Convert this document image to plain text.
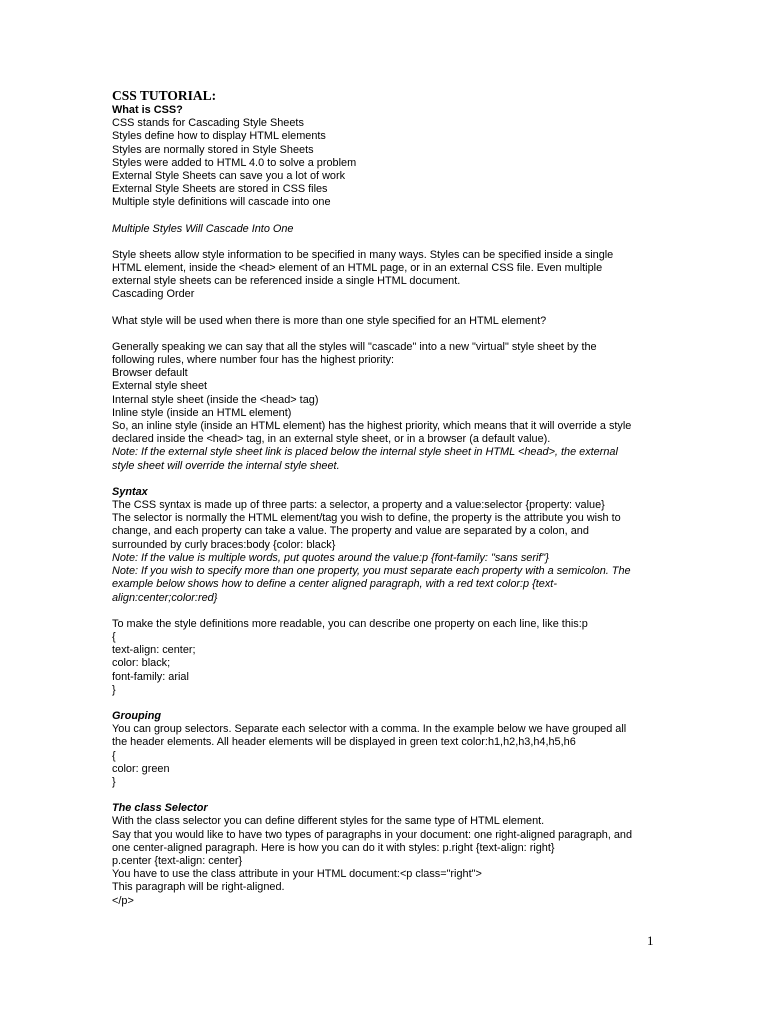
CSS TUTORIAL:
What is CSS?
CSS stands for Cascading Style Sheets
Styles define how to display HTML elements
Styles are normally stored in Style Sheets
Styles were added to HTML 4.0 to solve a problem
External Style Sheets can save you a lot of work
External Style Sheets are stored in CSS files
Multiple style definitions will cascade into one
Multiple Styles Will Cascade Into One
Style sheets allow style information to be specified in many ways. Styles can be specified inside a single
HTML element, inside the <head> element of an HTML page, or in an external CSS file. Even multiple
external style sheets can be referenced inside a single HTML document.
Cascading Order
What style will be used when there is more than one style specified for an HTML element?
Generally speaking we can say that all the styles will "cascade" into a new "virtual" style sheet by the
following rules, where number four has the highest priority:
Browser default
External style sheet
Internal style sheet (inside the <head> tag)
Inline style (inside an HTML element)
So, an inline style (inside an HTML element) has the highest priority, which means that it will override a style
declared inside the <head> tag, in an external style sheet, or in a browser (a default value).
Note: If the external style sheet link is placed below the internal style sheet in HTML <head>, the external
style sheet will override the internal style sheet.
Syntax
The CSS syntax is made up of three parts: a selector, a property and a value:selector {property: value}
The selector is normally the HTML element/tag you wish to define, the property is the attribute you wish to
change, and each property can take a value. The property and value are separated by a colon, and
surrounded by curly braces:body {color: black}
Note: If the value is multiple words, put quotes around the value:p {font-family: "sans serif"}
Note: If you wish to specify more than one property, you must separate each property with a semicolon. The
example below shows how to define a center aligned paragraph, with a red text color:p {text-
align:center;color:red}
To make the style definitions more readable, you can describe one property on each line, like this:p
{
text-align: center;
color: black;
font-family: arial
}
Grouping
You can group selectors. Separate each selector with a comma. In the example below we have grouped all
the header elements. All header elements will be displayed in green text color:h1,h2,h3,h4,h5,h6
{
color: green
}
The class Selector
With the class selector you can define different styles for the same type of HTML element.
Say that you would like to have two types of paragraphs in your document: one right-aligned paragraph, and
one center-aligned paragraph. Here is how you can do it with styles: p.right {text-align: right}
p.center {text-align: center}
You have to use the class attribute in your HTML document:<p class="right">
This paragraph will be right-aligned.
</p>
1
